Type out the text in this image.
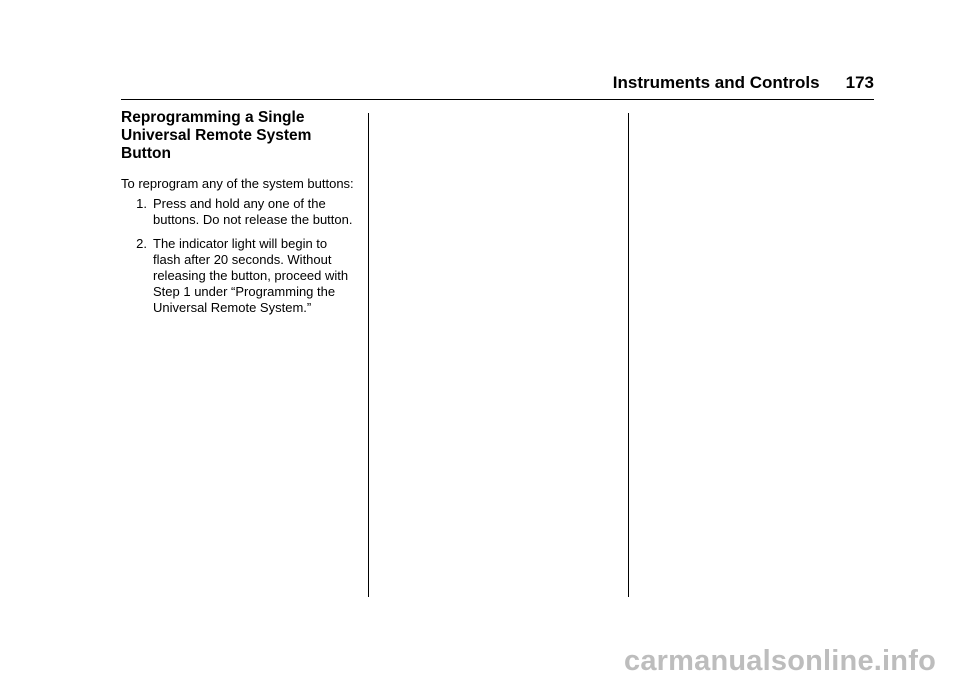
Instruments and Controls 173
Reprogramming a Single Universal Remote System Button

To reprogram any of the system buttons:

1. Press and hold any one of the buttons. Do not release the button.
2. The indicator light will begin to flash after 20 seconds. Without releasing the button, proceed with Step 1 under “Programming the Universal Remote System.”
carmanualsonline.info
